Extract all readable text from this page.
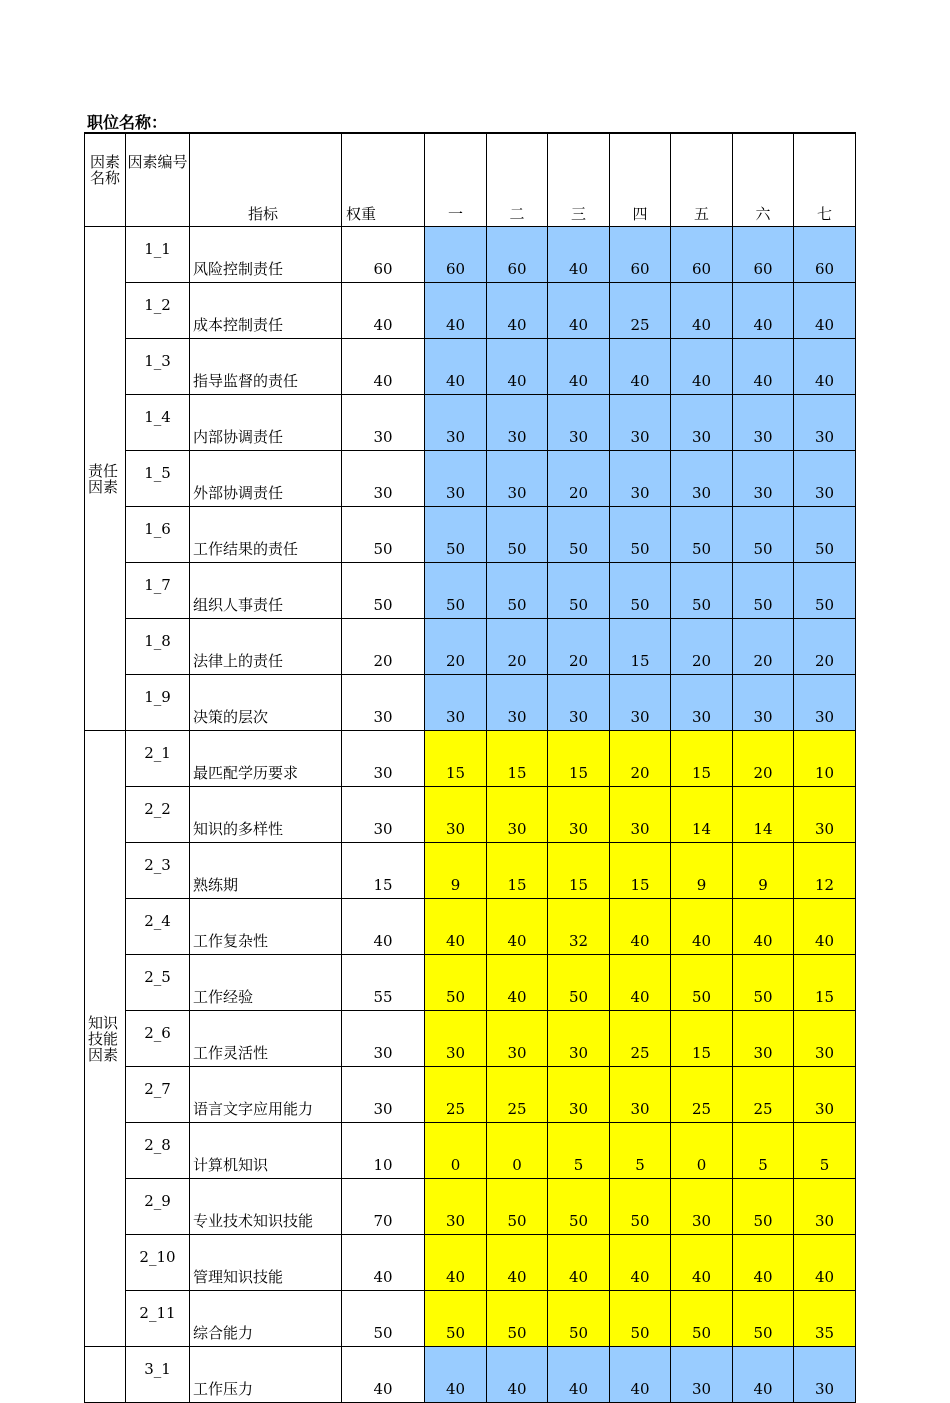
职位名称：
因素名称	因素编号	指标	权重	一	二	三	四	五	六	七
责任因素	1_1	风险控制责任	60	60	60	40	60	60	60	60
	1_2	成本控制责任	40	40	40	40	25	40	40	40
	1_3	指导监督的责任	40	40	40	40	40	40	40	40
	1_4	内部协调责任	30	30	30	30	30	30	30	30
	1_5	外部协调责任	30	30	30	20	30	30	30	30
	1_6	工作结果的责任	50	50	50	50	50	50	50	50
	1_7	组织人事责任	50	50	50	50	50	50	50	50
	1_8	法律上的责任	20	20	20	20	15	20	20	20
	1_9	决策的层次	30	30	30	30	30	30	30	30
知识技能因素	2_1	最匹配学历要求	30	15	15	15	20	15	20	10
	2_2	知识的多样性	30	30	30	30	30	14	14	30
	2_3	熟练期	15	9	15	15	15	9	9	12
	2_4	工作复杂性	40	40	40	32	40	40	40	40
	2_5	工作经验	55	50	40	50	40	50	50	15
	2_6	工作灵活性	30	30	30	30	25	15	30	30
	2_7	语言文字应用能力	30	25	25	30	30	25	25	30
	2_8	计算机知识	10	0	0	5	5	0	5	5
	2_9	专业技术知识技能	70	30	50	50	50	30	50	30
	2_10	管理知识技能	40	40	40	40	40	40	40	40
	2_11	综合能力	50	50	50	50	50	50	50	35
	3_1	工作压力	40	40	40	40	40	30	40	30
